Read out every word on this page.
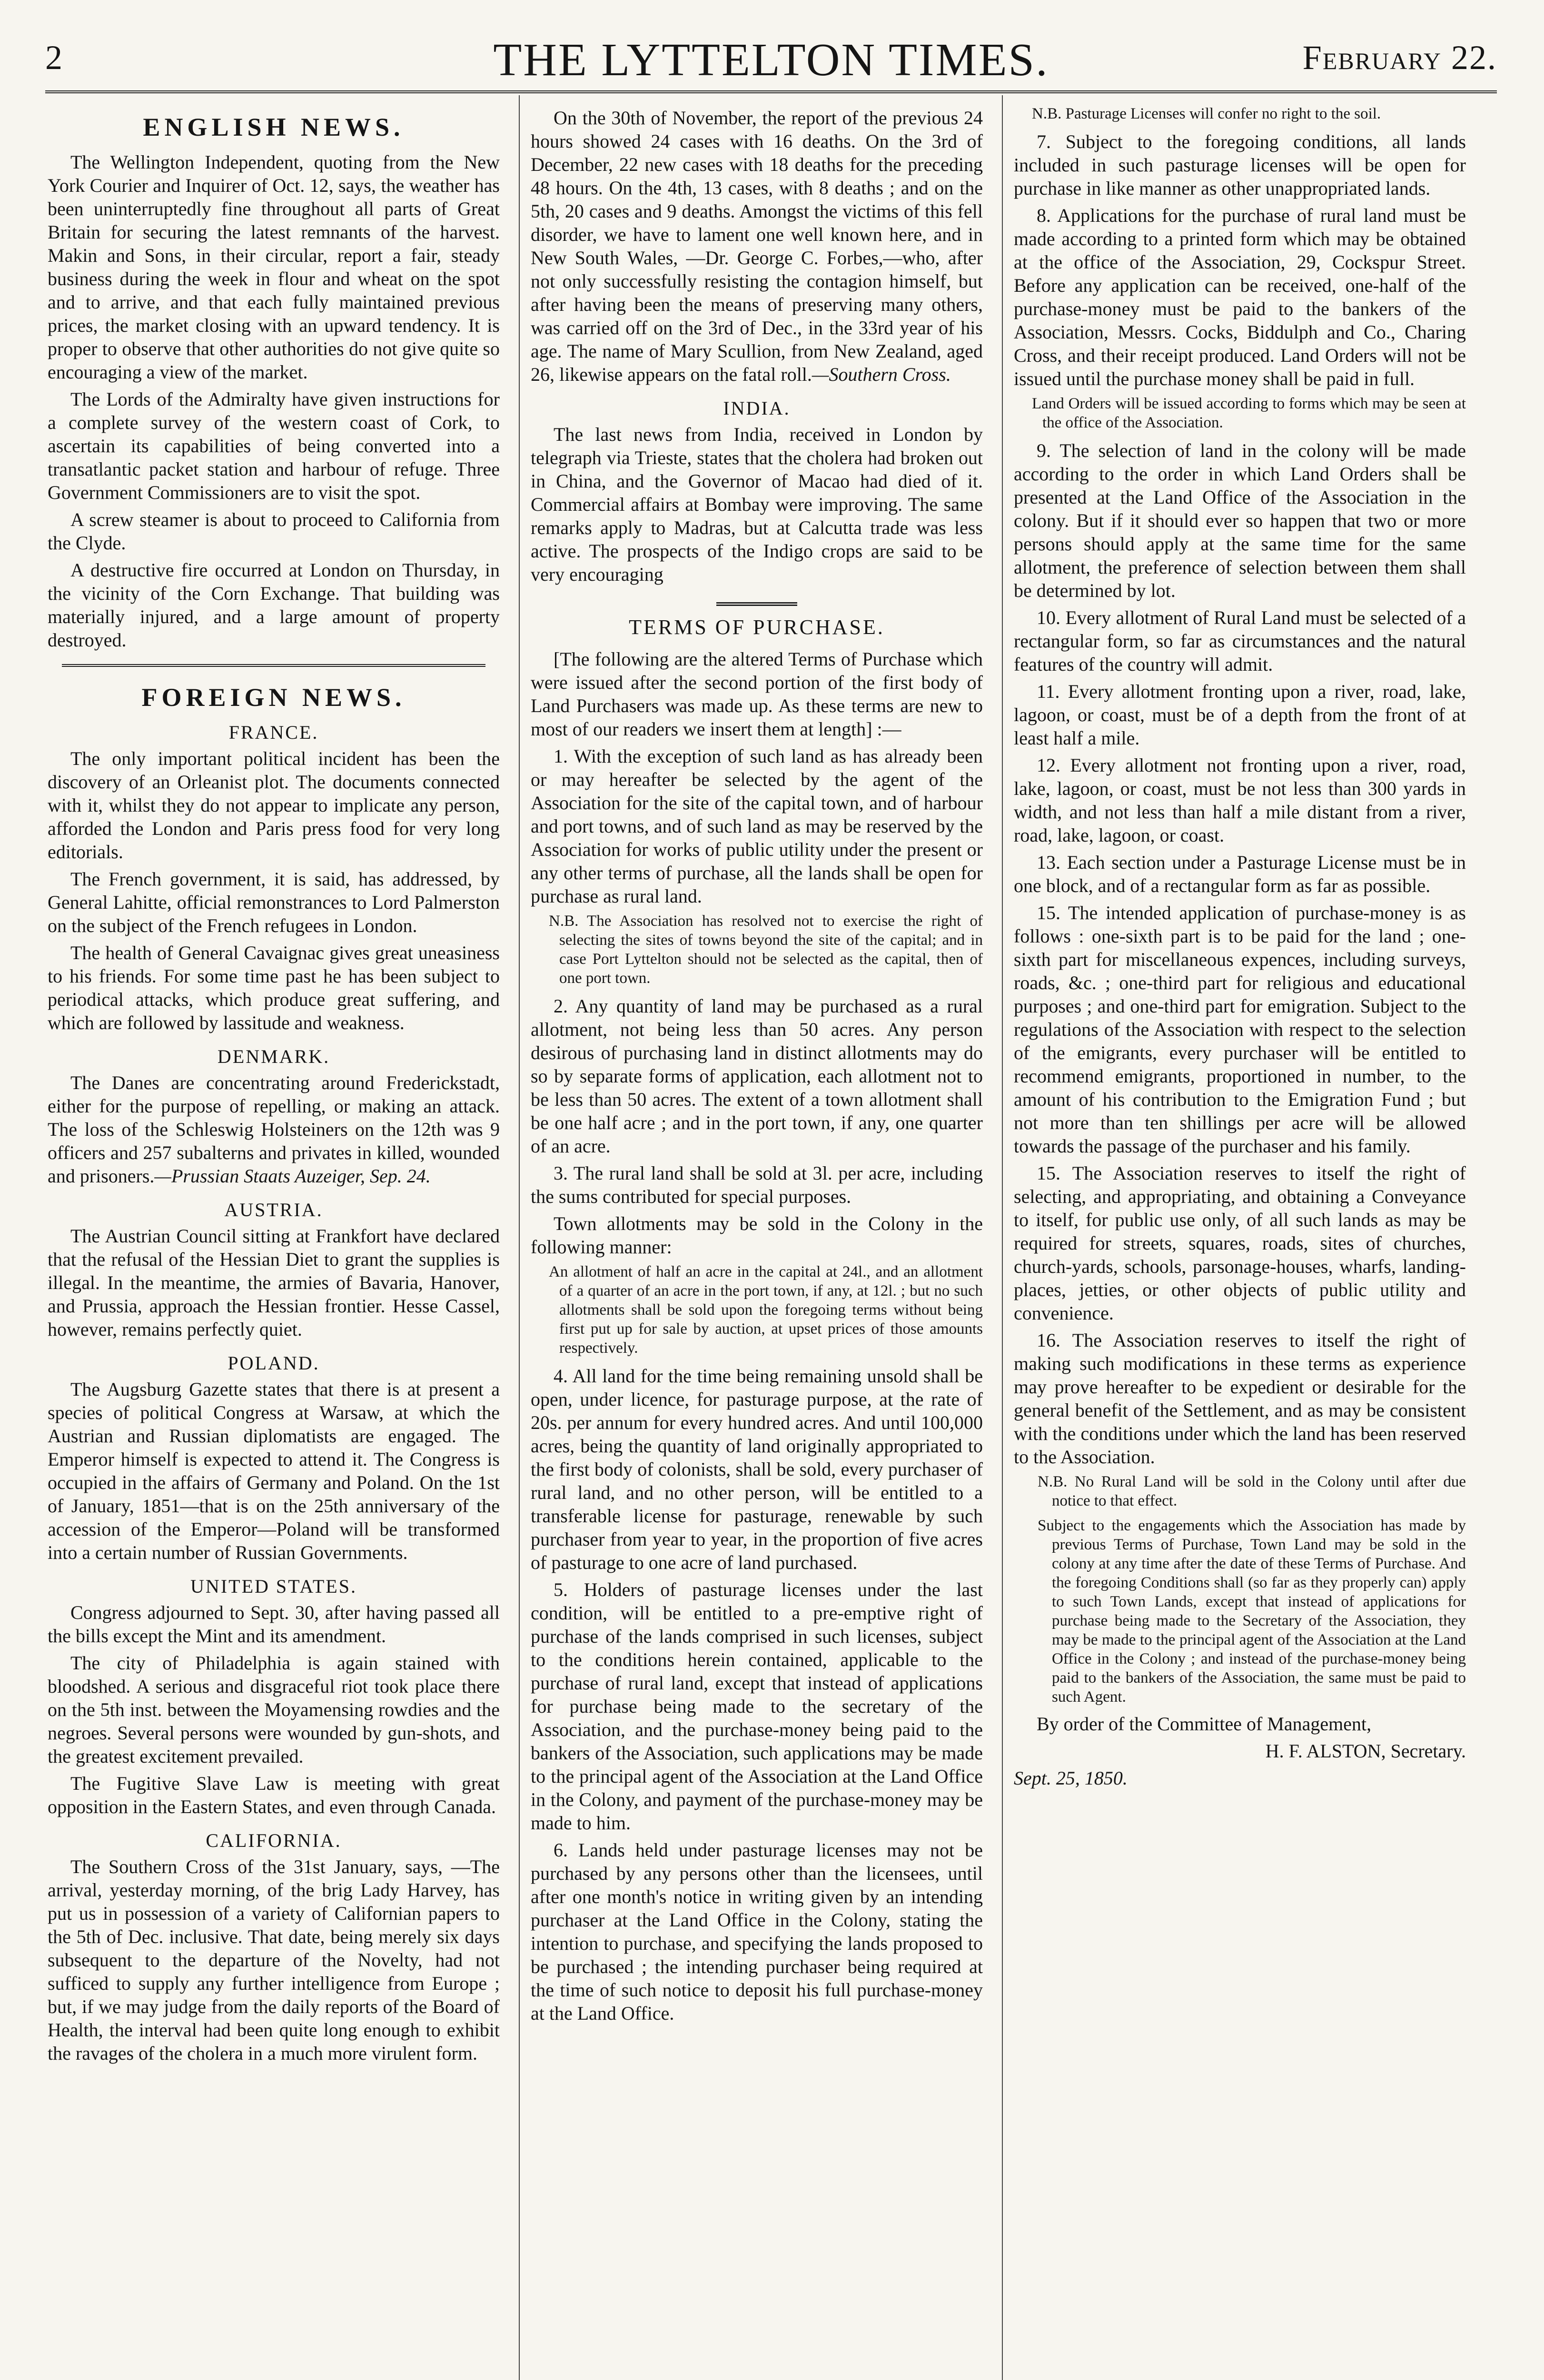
2	THE LYTTELTON TIMES.	February 22.
ENGLISH NEWS.

The Wellington Independent, quoting from the New York Courier and Inquirer of Oct. 12, says, the weather has been uninterruptedly fine throughout all parts of Great Britain for securing the latest remnants of the harvest. Makin and Sons, in their circular, report a fair, steady business during the week in flour and wheat on the spot and to arrive, and that each fully maintained previous prices, the market closing with an upward tendency. It is proper to observe that other authorities do not give quite so encouraging a view of the market.

The Lords of the Admiralty have given instructions for a complete survey of the western coast of Cork, to ascertain its capabilities of being converted into a transatlantic packet station and harbour of refuge. Three Government Commissioners are to visit the spot.

A screw steamer is about to proceed to California from the Clyde.

A destructive fire occurred at London on Thursday, in the vicinity of the Corn Exchange. That building was materially injured, and a large amount of property destroyed.

FOREIGN NEWS.
FRANCE.

The only important political incident has been the discovery of an Orleanist plot. The documents connected with it, whilst they do not appear to implicate any person, afforded the London and Paris press food for very long editorials.

The French government, it is said, has addressed, by General Lahitte, official remonstrances to Lord Palmerston on the subject of the French refugees in London.

The health of General Cavaignac gives great uneasiness to his friends. For some time past he has been subject to periodical attacks, which produce great suffering, and which are followed by lassitude and weakness.

DENMARK.

The Danes are concentrating around Frederickstadt, either for the purpose of repelling, or making an attack. The loss of the Schleswig Holsteiners on the 12th was 9 officers and 257 subalterns and privates in killed, wounded and prisoners.—Prussian Staats Auzeiger, Sep. 24.

AUSTRIA.

The Austrian Council sitting at Frankfort have declared that the refusal of the Hessian Diet to grant the supplies is illegal. In the meantime, the armies of Bavaria, Hanover, and Prussia, approach the Hessian frontier. Hesse Cassel, however, remains perfectly quiet.

POLAND.

The Augsburg Gazette states that there is at present a species of political Congress at Warsaw, at which the Austrian and Russian diplomatists are engaged. The Emperor himself is expected to attend it. The Congress is occupied in the affairs of Germany and Poland. On the 1st of January, 1851—that is on the 25th anniversary of the accession of the Emperor—Poland will be transformed into a certain number of Russian Governments.

UNITED STATES.

Congress adjourned to Sept. 30, after having passed all the bills except the Mint and its amendment.

The city of Philadelphia is again stained with bloodshed. A serious and disgraceful riot took place there on the 5th inst. between the Moyamensing rowdies and the negroes. Several persons were wounded by gun-shots, and the greatest excitement prevailed.

The Fugitive Slave Law is meeting with great opposition in the Eastern States, and even through Canada.

CALIFORNIA.

The Southern Cross of the 31st January, says, —The arrival, yesterday morning, of the brig Lady Harvey, has put us in possession of a variety of Californian papers to the 5th of Dec. inclusive. That date, being merely six days subsequent to the departure of the Novelty, had not sufficed to supply any further intelligence from Europe ; but, if we may judge from the daily reports of the Board of Health, the interval had been quite long enough to exhibit the ravages of the cholera in a much more virulent form.

On the 30th of November, the report of the previous 24 hours showed 24 cases with 16 deaths. On the 3rd of December, 22 new cases with 18 deaths for the preceding 48 hours. On the 4th, 13 cases, with 8 deaths ; and on the 5th, 20 cases and 9 deaths. Amongst the victims of this fell disorder, we have to lament one well known here, and in New South Wales, —Dr. George C. Forbes,—who, after not only successfully resisting the contagion himself, but after having been the means of preserving many others, was carried off on the 3rd of Dec., in the 33rd year of his age. The name of Mary Scullion, from New Zealand, aged 26, likewise appears on the fatal roll.—Southern Cross.

INDIA.

The last news from India, received in London by telegraph via Trieste, states that the cholera had broken out in China, and the Governor of Macao had died of it. Commercial affairs at Bombay were improving. The same remarks apply to Madras, but at Calcutta trade was less active. The prospects of the Indigo crops are said to be very encouraging

TERMS OF PURCHASE.

[The following are the altered Terms of Purchase which were issued after the second portion of the first body of Land Purchasers was made up. As these terms are new to most of our readers we insert them at length] :—

1. With the exception of such land as has already been or may hereafter be selected by the agent of the Association for the site of the capital town, and of harbour and port towns, and of such land as may be reserved by the Association for works of public utility under the present or any other terms of purchase, all the lands shall be open for purchase as rural land.

N.B. The Association has resolved not to exercise the right of selecting the sites of towns beyond the site of the capital; and in case Port Lyttelton should not be selected as the capital, then of one port town.

2. Any quantity of land may be purchased as a rural allotment, not being less than 50 acres. Any person desirous of purchasing land in distinct allotments may do so by separate forms of application, each allotment not to be less than 50 acres. The extent of a town allotment shall be one half acre ; and in the port town, if any, one quarter of an acre.

3. The rural land shall be sold at 3l. per acre, including the sums contributed for special purposes.

Town allotments may be sold in the Colony in the following manner:

An allotment of half an acre in the capital at 24l., and an allotment of a quarter of an acre in the port town, if any, at 12l. ; but no such allotments shall be sold upon the foregoing terms without being first put up for sale by auction, at upset prices of those amounts respectively.

4. All land for the time being remaining unsold shall be open, under licence, for pasturage purpose, at the rate of 20s. per annum for every hundred acres. And until 100,000 acres, being the quantity of land originally appropriated to the first body of colonists, shall be sold, every purchaser of rural land, and no other person, will be entitled to a transferable license for pasturage, renewable by such purchaser from year to year, in the proportion of five acres of pasturage to one acre of land purchased.

5. Holders of pasturage licenses under the last condition, will be entitled to a pre-emptive right of purchase of the lands comprised in such licenses, subject to the conditions herein contained, applicable to the purchase of rural land, except that instead of applications for purchase being made to the secretary of the Association, and the purchase-money being paid to the bankers of the Association, such applications may be made to the principal agent of the Association at the Land Office in the Colony, and payment of the purchase-money may be made to him.

6. Lands held under pasturage licenses may not be purchased by any persons other than the licensees, until after one month's notice in writing given by an intending purchaser at the Land Office in the Colony, stating the intention to purchase, and specifying the lands proposed to be purchased ; the intending purchaser being required at the time of such notice to deposit his full purchase-money at the Land Office.

N.B. Pasturage Licenses will confer no right to the soil.

7. Subject to the foregoing conditions, all lands included in such pasturage licenses will be open for purchase in like manner as other unappropriated lands.

8. Applications for the purchase of rural land must be made according to a printed form which may be obtained at the office of the Association, 29, Cockspur Street. Before any application can be received, one-half of the purchase-money must be paid to the bankers of the Association, Messrs. Cocks, Biddulph and Co., Charing Cross, and their receipt produced. Land Orders will not be issued until the purchase money shall be paid in full.

Land Orders will be issued according to forms which may be seen at the office of the Association.

9. The selection of land in the colony will be made according to the order in which Land Orders shall be presented at the Land Office of the Association in the colony. But if it should ever so happen that two or more persons should apply at the same time for the same allotment, the preference of selection between them shall be determined by lot.

10. Every allotment of Rural Land must be selected of a rectangular form, so far as circumstances and the natural features of the country will admit.

11. Every allotment fronting upon a river, road, lake, lagoon, or coast, must be of a depth from the front of at least half a mile.

12. Every allotment not fronting upon a river, road, lake, lagoon, or coast, must be not less than 300 yards in width, and not less than half a mile distant from a river, road, lake, lagoon, or coast.

13. Each section under a Pasturage License must be in one block, and of a rectangular form as far as possible.

15. The intended application of purchase-money is as follows : one-sixth part is to be paid for the land ; one-sixth part for miscellaneous expences, including surveys, roads, &c. ; one-third part for religious and educational purposes ; and one-third part for emigration. Subject to the regulations of the Association with respect to the selection of the emigrants, every purchaser will be entitled to recommend emigrants, proportioned in number, to the amount of his contribution to the Emigration Fund ; but not more than ten shillings per acre will be allowed towards the passage of the purchaser and his family.

15. The Association reserves to itself the right of selecting, and appropriating, and obtaining a Conveyance to itself, for public use only, of all such lands as may be required for streets, squares, roads, sites of churches, church-yards, schools, parsonage-houses, wharfs, landing-places, jetties, or other objects of public utility and convenience.

16. The Association reserves to itself the right of making such modifications in these terms as experience may prove hereafter to be expedient or desirable for the general benefit of the Settlement, and as may be consistent with the conditions under which the land has been reserved to the Association.

N.B. No Rural Land will be sold in the Colony until after due notice to that effect.

Subject to the engagements which the Association has made by previous Terms of Purchase, Town Land may be sold in the colony at any time after the date of these Terms of Purchase. And the foregoing Conditions shall (so far as they properly can) apply to such Town Lands, except that instead of applications for purchase being made to the Secretary of the Association, they may be made to the principal agent of the Association at the Land Office in the Colony ; and instead of the purchase-money being paid to the bankers of the Association, the same must be paid to such Agent.

By order of the Committee of Management,

H. F. ALSTON, Secretary.

Sept. 25, 1850.
